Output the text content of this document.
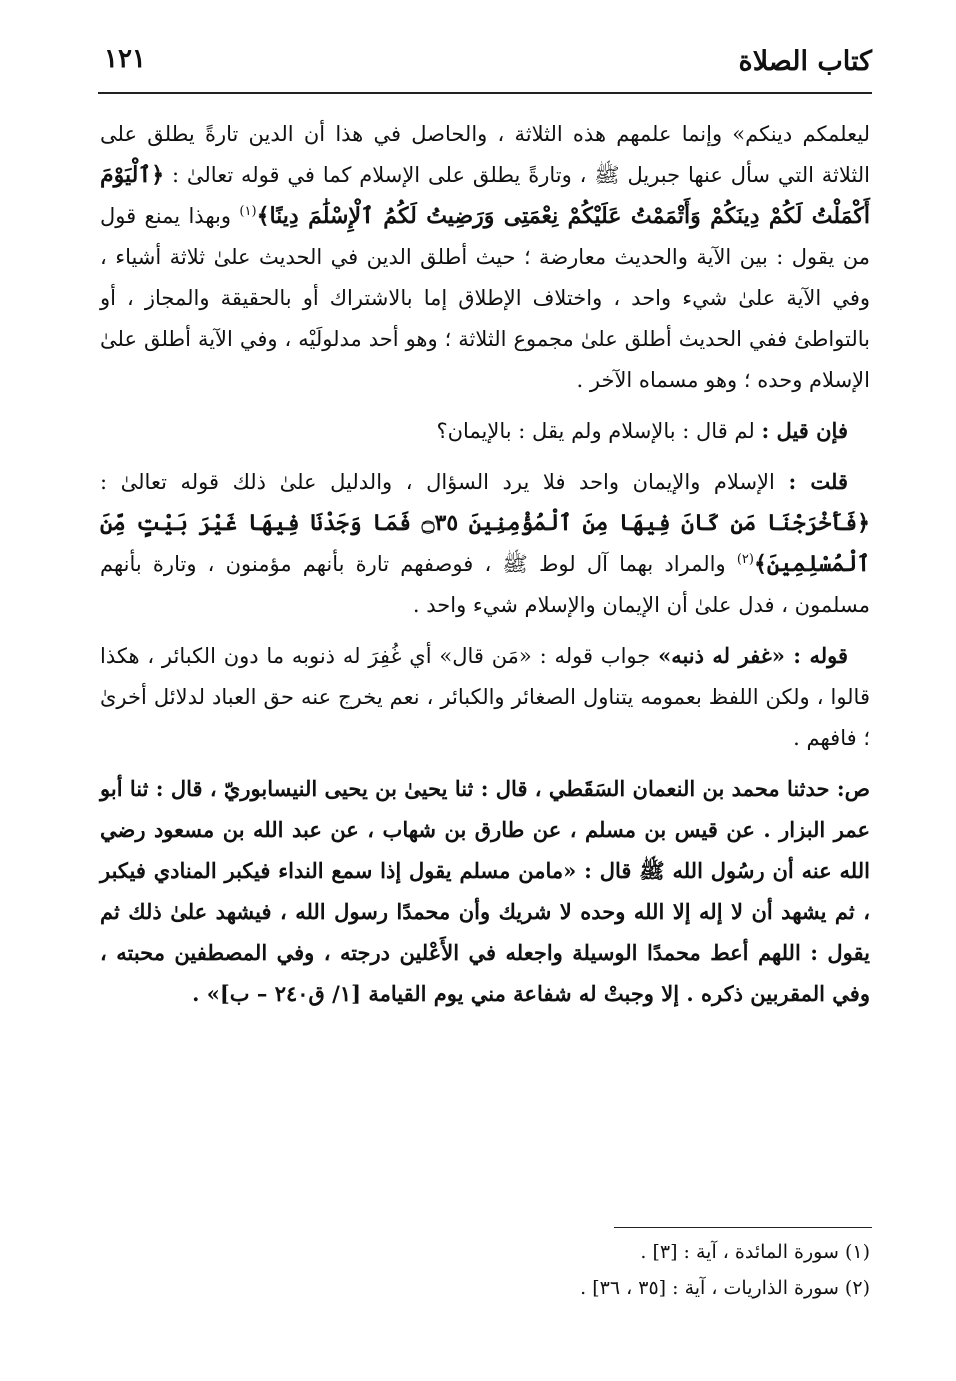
كتاب الصلاة
١٢١

ليعلمكم دينكم» وإنما علمهم هذه الثلاثة ، والحاصل في هذا أن الدين تارةً يطلق على الثلاثة التي سأل عنها جبريل ﷺ ، وتارةً يطلق على الإسلام كما في قوله تعالىٰ : ﴿ٱلْيَوْمَ أَكْمَلْتُ لَكُمْ دِينَكُمْ وَأَتْمَمْتُ عَلَيْكُمْ نِعْمَتِى وَرَضِيتُ لَكُمُ ٱلْإِسْلَٰمَ دِينًا﴾$^{(١)}$ وبهذا يمنع قول من يقول : بين الآية والحديث معارضة ؛ حيث أطلق الدين في الحديث علىٰ ثلاثة أشياء ، وفي الآية علىٰ شيء واحد ، واختلاف الإطلاق إما بالاشتراك أو بالحقيقة والمجاز ، أو بالتواطئ ففي الحديث أطلق علىٰ مجموع الثلاثة ؛ وهو أحد مدلولَيْه ، وفي الآية أطلق علىٰ الإسلام وحده ؛ وهو مسماه الآخر .

فإن قيل : لم قال : بالإسلام ولم يقل : بالإيمان؟

قلت : الإسلام والإيمان واحد فلا يرد السؤال ، والدليل علىٰ ذلك قوله تعالىٰ : ﴿فَأَخْرَجْنَا مَن كَانَ فِيهَا مِنَ ٱلْمُؤْمِنِينَ ۝٣٥ فَمَا وَجَدْنَا فِيهَا غَيْرَ بَيْتٍ مِّنَ ٱلْمُسْلِمِينَ﴾$^{(٢)}$ والمراد بهما آل لوط ﷺ ، فوصفهم تارة بأنهم مؤمنون ، وتارة بأنهم مسلمون ، فدل علىٰ أن الإيمان والإسلام شيء واحد .

قوله : «غفر له ذنبه» جواب قوله : «مَن قال» أي غُفِرَ له ذنوبه ما دون الكبائر ، هكذا قالوا ، ولكن اللفظ بعمومه يتناول الصغائر والكبائر ، نعم يخرج عنه حق العباد لدلائل أخرىٰ ؛ فافهم .

ص: حدثنا محمد بن النعمان السَقَطي ، قال : ثنا يحيىٰ بن يحيى النيسابوريّ ، قال : ثنا أبو عمر البزار . عن قيس بن مسلم ، عن طارق بن شهاب ، عن عبد الله بن مسعود رضي الله عنه أن رسُول الله ﷺ قال : «مامن مسلم يقول إذا سمع النداء فيكبر المنادي فيكبر ، ثم يشهد أن لا إله إلا الله وحده لا شريك وأن محمدًا رسول الله ، فيشهد علىٰ ذلك ثم يقول : اللهم أعط محمدًا الوسيلة واجعله في الأَعْلين درجته ، وفي المصطفين محبته ، وفي المقربين ذكره . إلا وجبتْ له شفاعة مني يوم القيامة [١/ ق٢٤٠ – ب]» .

(١) سورة المائدة ، آية : [٣] .

(٢) سورة الذاريات ، آية : [٣٥ ، ٣٦] .
